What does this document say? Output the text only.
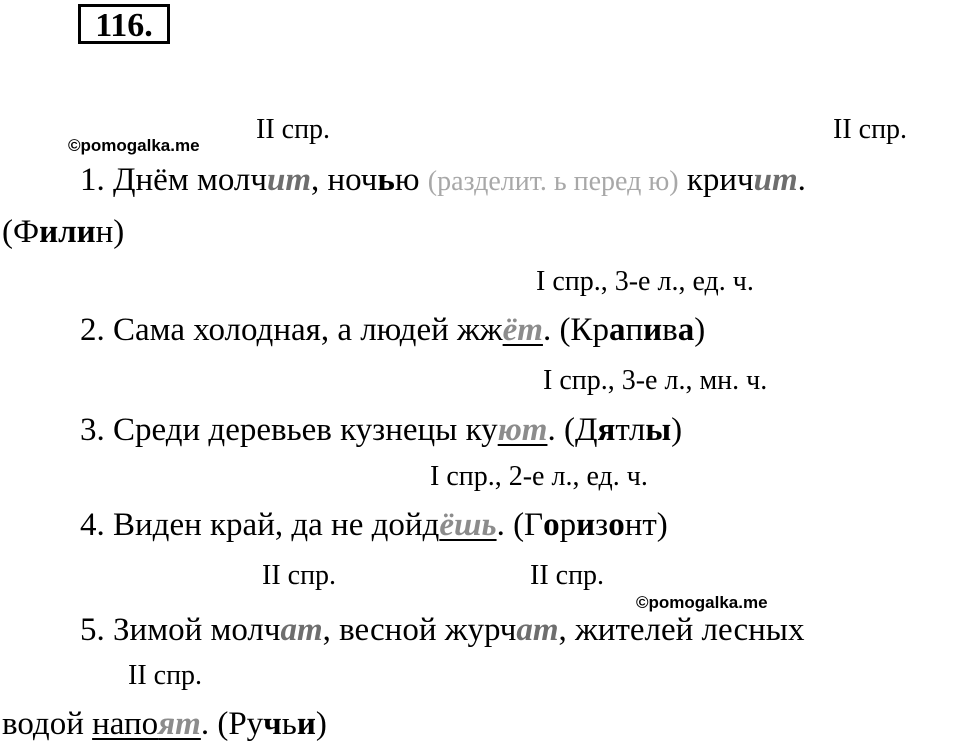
116.
©pomogalka.me
©pomogalka.me
II спр.	II спр.
1. Днём молчит, ночью (разделит. ь перед ю) кричит.
(Филин)
I спр., 3-е л., ед. ч.
2. Сама холодная, а людей жжёт. (Крапива)
I спр., 3-е л., мн. ч.
3. Среди деревьев кузнецы куют. (Дятлы)
I спр., 2-е л., ед. ч.
4. Виден край, да не дойдёшь. (Горизонт)
II спр.	II спр.
5. Зимой молчат, весной журчат, жителей лесных
II спр.
водой напоят. (Ручьи)
